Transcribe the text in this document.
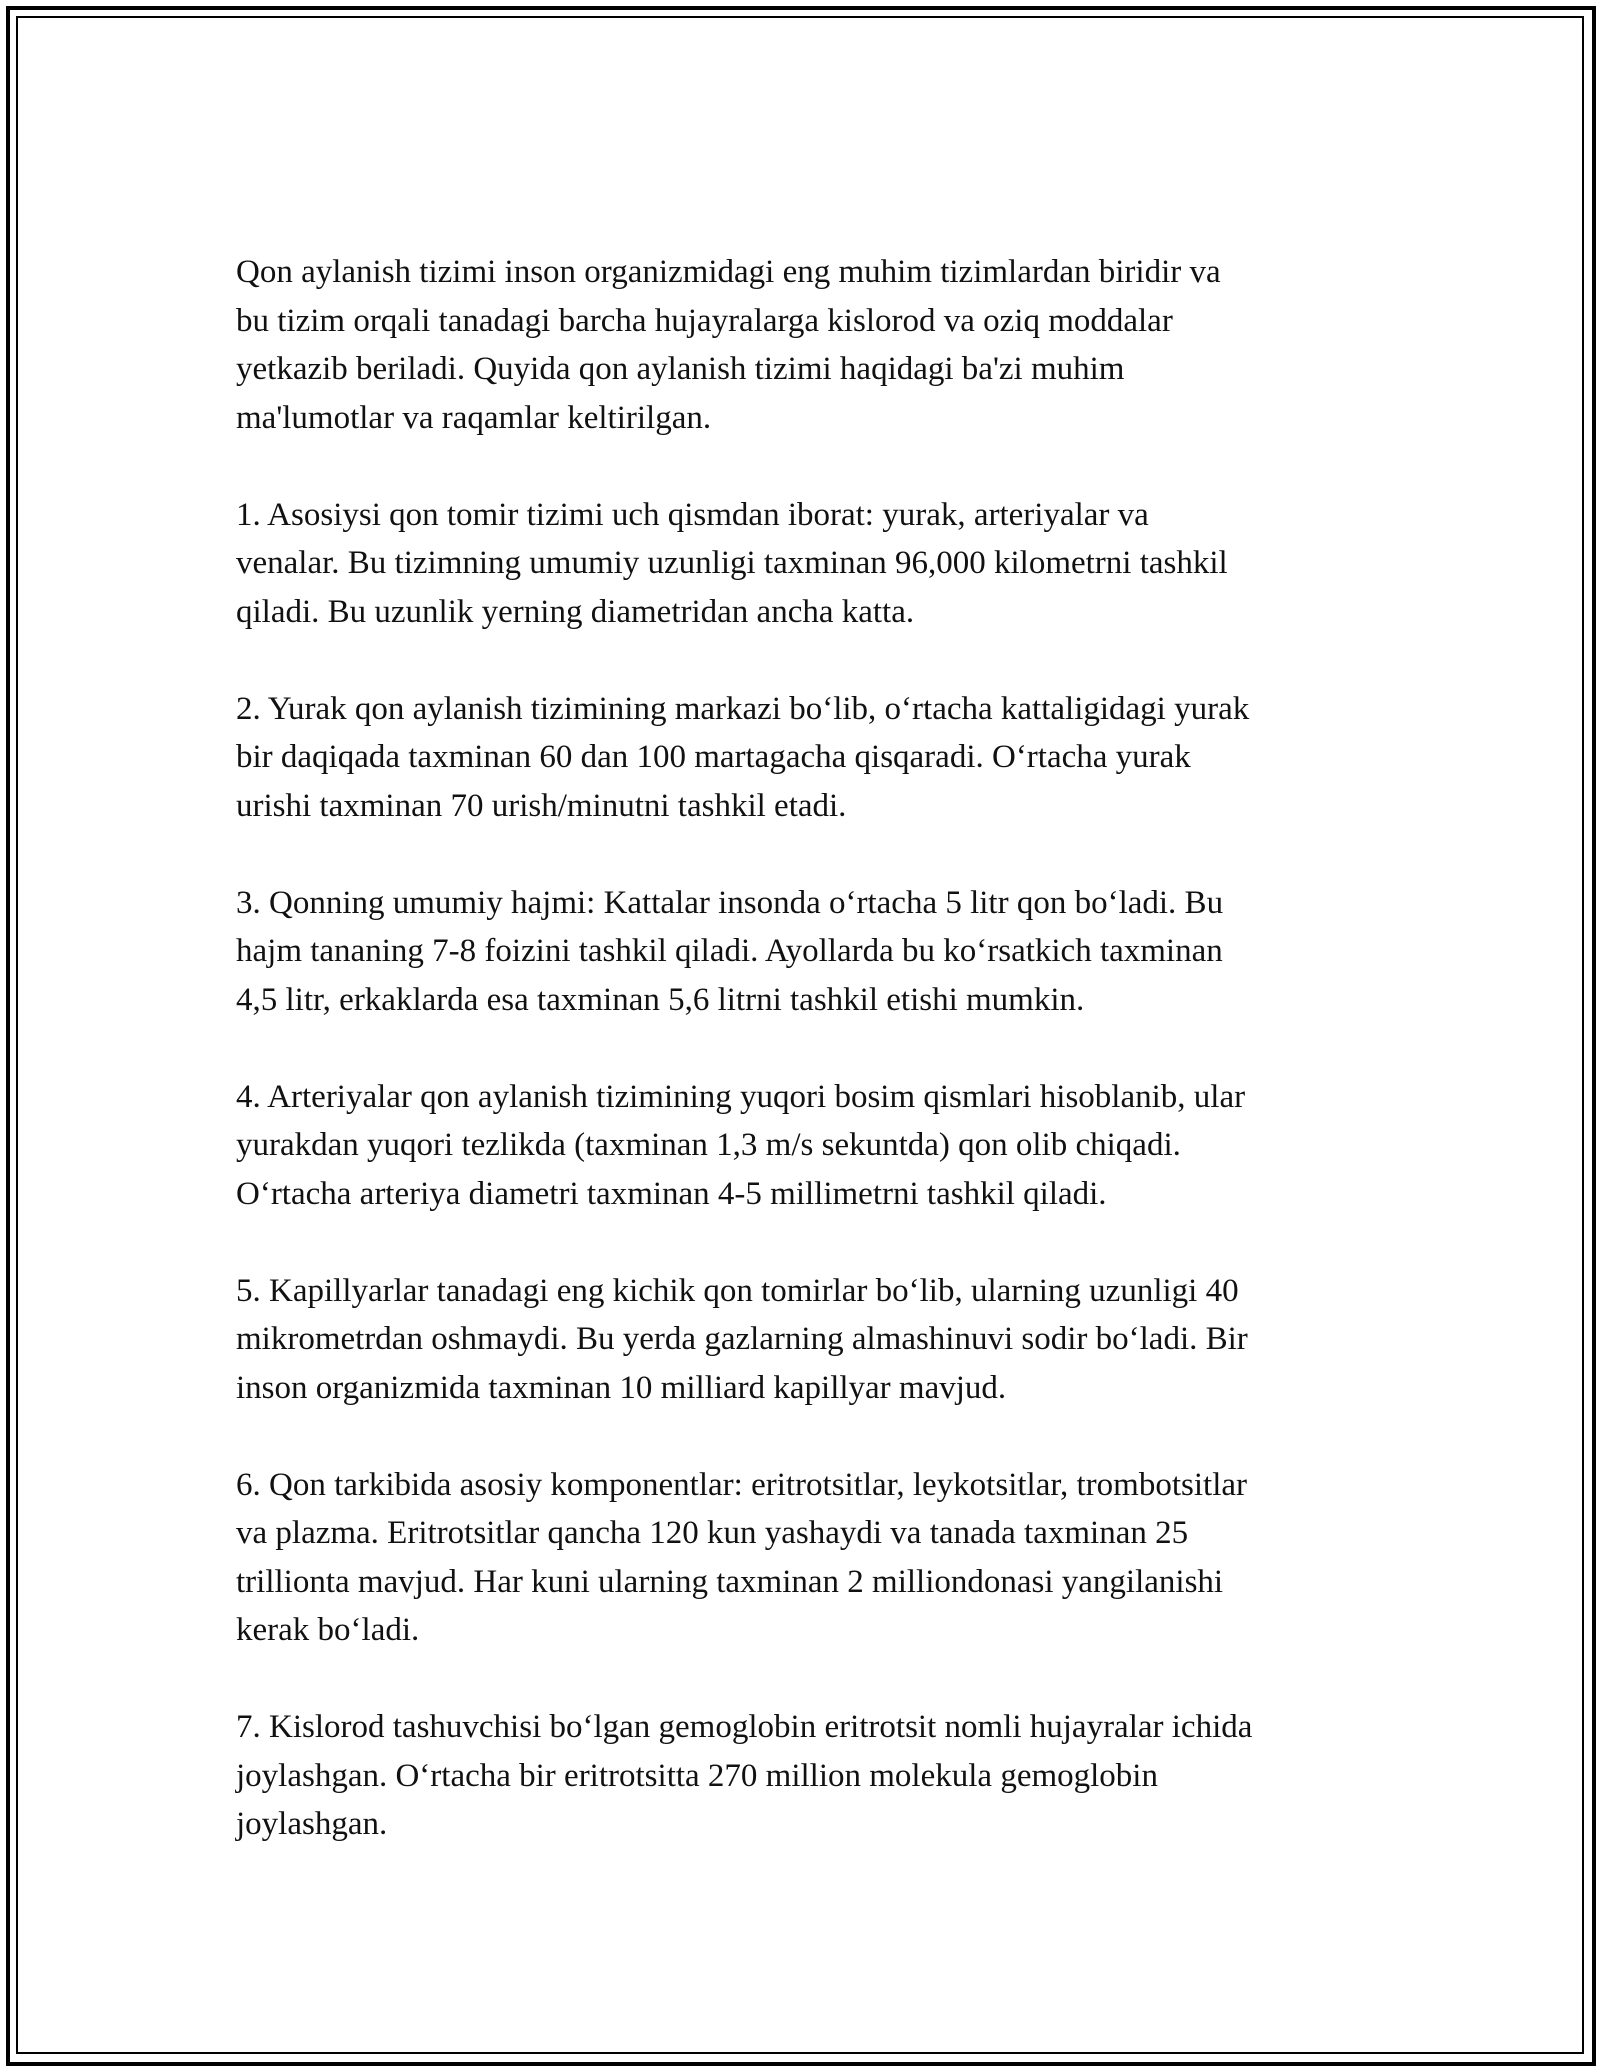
Qon aylanish tizimi inson organizmidagi eng muhim tizimlardan biridir va
bu tizim orqali tanadagi barcha hujayralarga kislorod va oziq moddalar
yetkazib beriladi. Quyida qon aylanish tizimi haqidagi ba'zi muhim
ma'lumotlar va raqamlar keltirilgan.

1. Asosiysi qon tomir tizimi uch qismdan iborat: yurak, arteriyalar va
venalar. Bu tizimning umumiy uzunligi taxminan 96,000 kilometrni tashkil
qiladi. Bu uzunlik yerning diametridan ancha katta.

2. Yurak qon aylanish tizimining markazi bo‘lib, o‘rtacha kattaligidagi yurak
bir daqiqada taxminan 60 dan 100 martagacha qisqaradi. O‘rtacha yurak
urishi taxminan 70 urish/minutni tashkil etadi.

3. Qonning umumiy hajmi: Kattalar insonda o‘rtacha 5 litr qon bo‘ladi. Bu
hajm tananing 7-8 foizini tashkil qiladi. Ayollarda bu ko‘rsatkich taxminan
4,5 litr, erkaklarda esa taxminan 5,6 litrni tashkil etishi mumkin.

4. Arteriyalar qon aylanish tizimining yuqori bosim qismlari hisoblanib, ular
yurakdan yuqori tezlikda (taxminan 1,3 m/s sekuntda) qon olib chiqadi.
O‘rtacha arteriya diametri taxminan 4-5 millimetrni tashkil qiladi.

5. Kapillyarlar tanadagi eng kichik qon tomirlar bo‘lib, ularning uzunligi 40
mikrometrdan oshmaydi. Bu yerda gazlarning almashinuvi sodir bo‘ladi. Bir
inson organizmida taxminan 10 milliard kapillyar mavjud.

6. Qon tarkibida asosiy komponentlar: eritrotsitlar, leykotsitlar, trombotsitlar
va plazma. Eritrotsitlar qancha 120 kun yashaydi va tanada taxminan 25
trillionta mavjud. Har kuni ularning taxminan 2 milliondonasi yangilanishi
kerak bo‘ladi.

7. Kislorod tashuvchisi bo‘lgan gemoglobin eritrotsit nomli hujayralar ichida
joylashgan. O‘rtacha bir eritrotsitta 270 million molekula gemoglobin
joylashgan.
